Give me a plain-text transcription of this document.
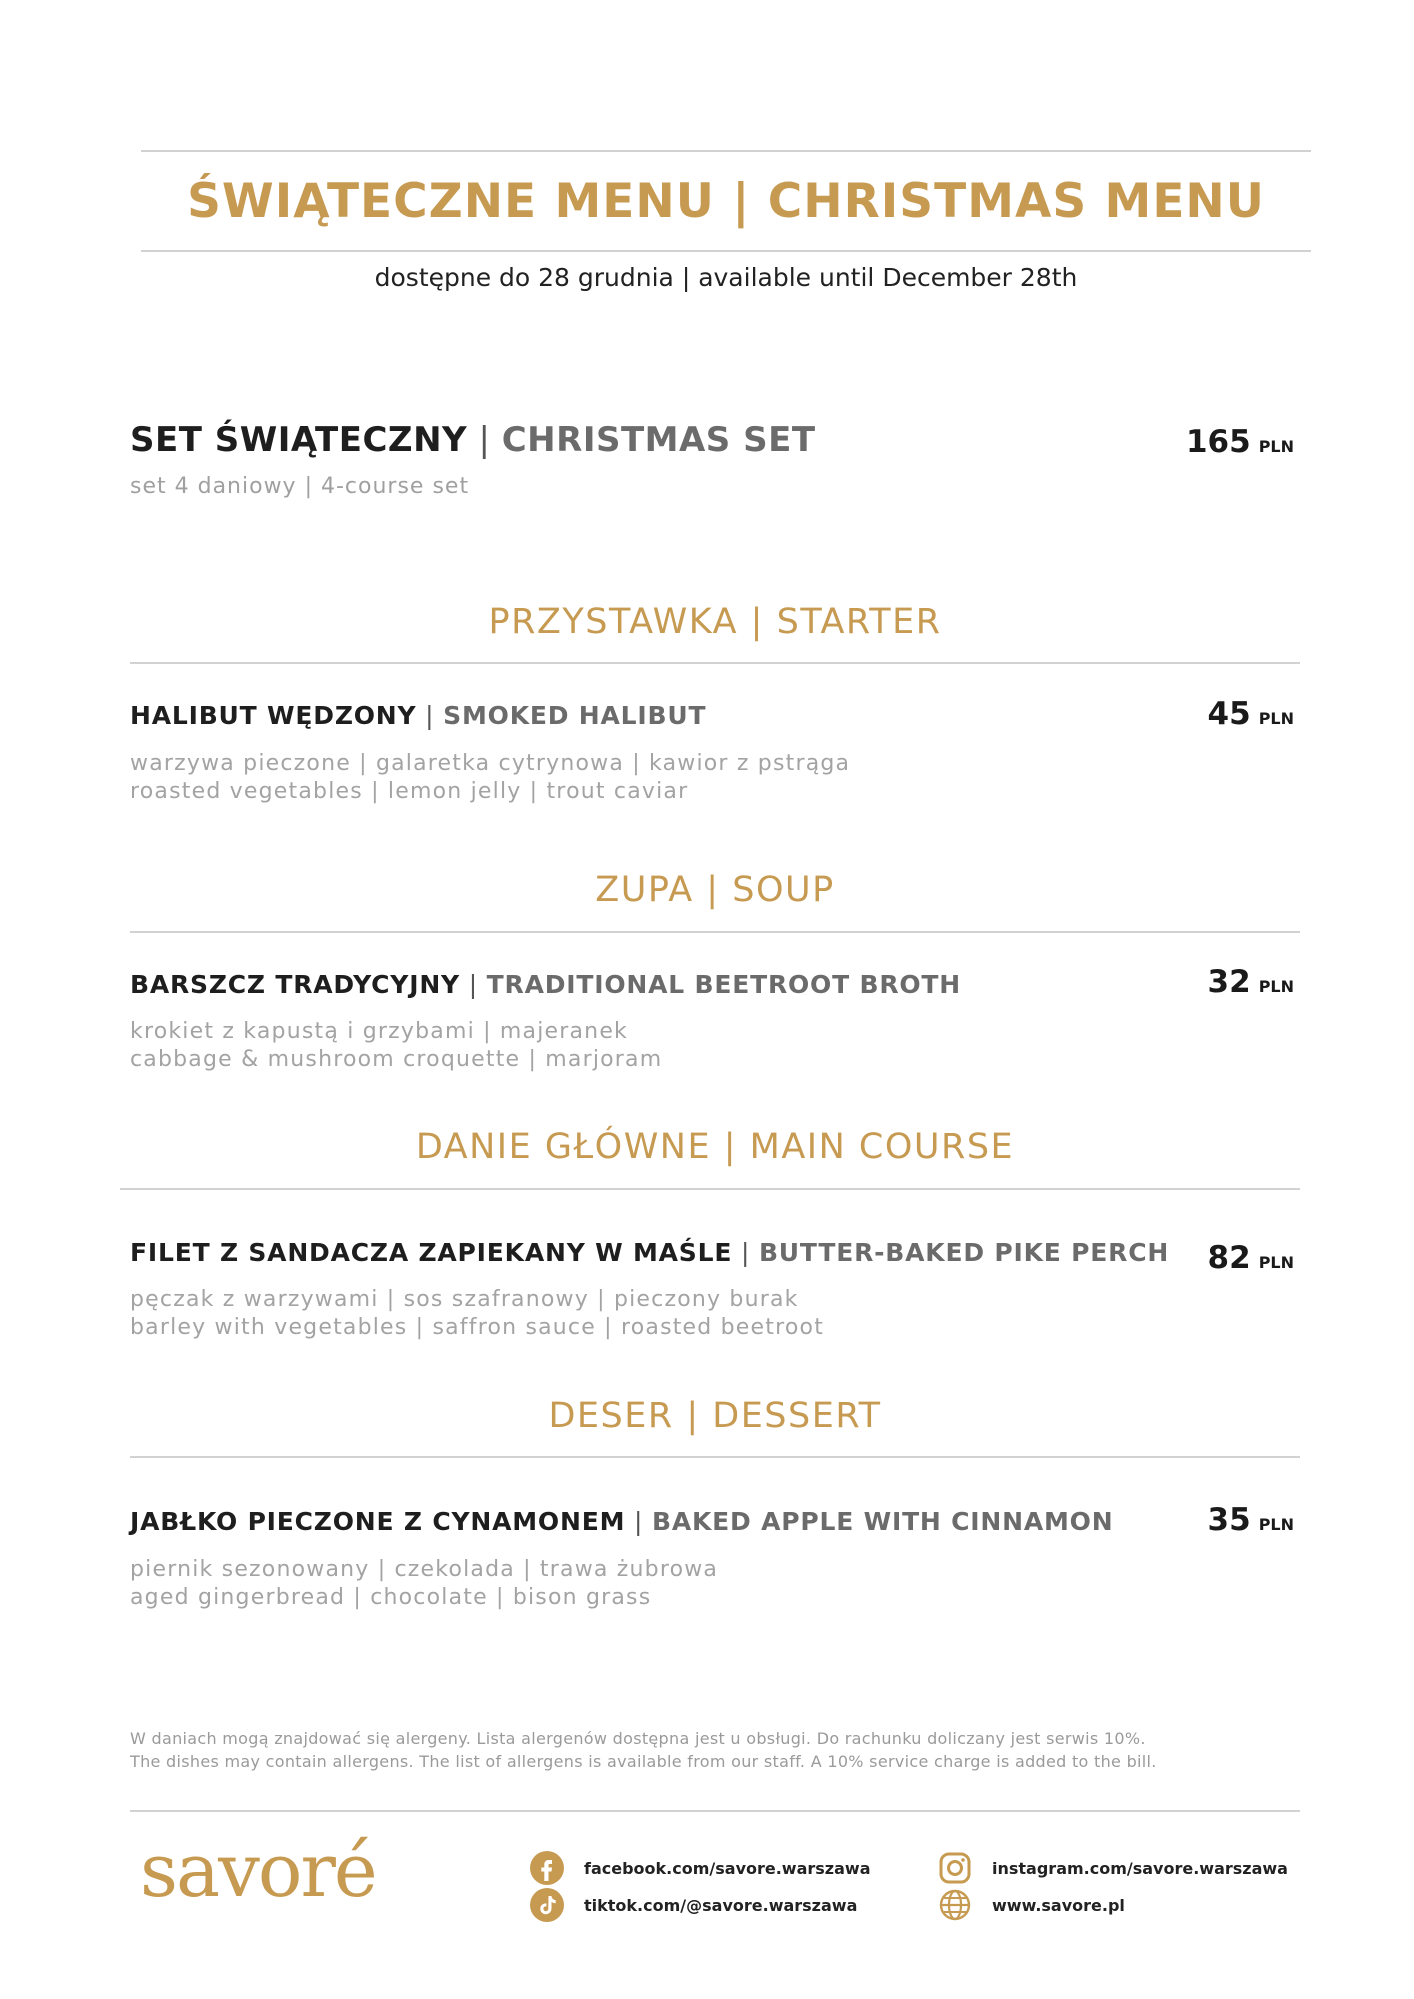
ŚWIĄTECZNE MENU | CHRISTMAS MENU
dostępne do 28 grudnia | available until December 28th
SET ŚWIĄTECZNY | CHRISTMAS SET
set 4 daniowy | 4-course set
165 PLN
PRZYSTAWKA | STARTER
HALIBUT WĘDZONY | SMOKED HALIBUT	45 PLN
warzywa pieczone | galaretka cytrynowa | kawior z pstrąga
roasted vegetables | lemon jelly | trout caviar
ZUPA | SOUP
BARSZCZ TRADYCYJNY | TRADITIONAL BEETROOT BROTH	32 PLN
krokiet z kapustą i grzybami | majeranek
cabbage & mushroom croquette | marjoram
DANIE GŁÓWNE | MAIN COURSE
FILET Z SANDACZA ZAPIEKANY W MAŚLE | BUTTER-BAKED PIKE PERCH 82 PLN
pęczak z warzywami | sos szafranowy | pieczony burak
barley with vegetables | saffron sauce | roasted beetroot
DESER | DESSERT
JABŁKO PIECZONE Z CYNAMONEM | BAKED APPLE WITH CINNAMON	35 PLN
piernik sezonowany | czekolada | trawa żubrowa
aged gingerbread | chocolate | bison grass
W daniach mogą znajdować się alergeny. Lista alergenów dostępna jest u obsługi. Do rachunku doliczany jest serwis 10%.
The dishes may contain allergens. The list of allergens is available from our staff. A 10% service charge is added to the bill.
savoré	facebook.com/savore.warszawa
tiktok.com/@savore.warszawa
instagram.com/savore.warszawa
www.savore.pl
